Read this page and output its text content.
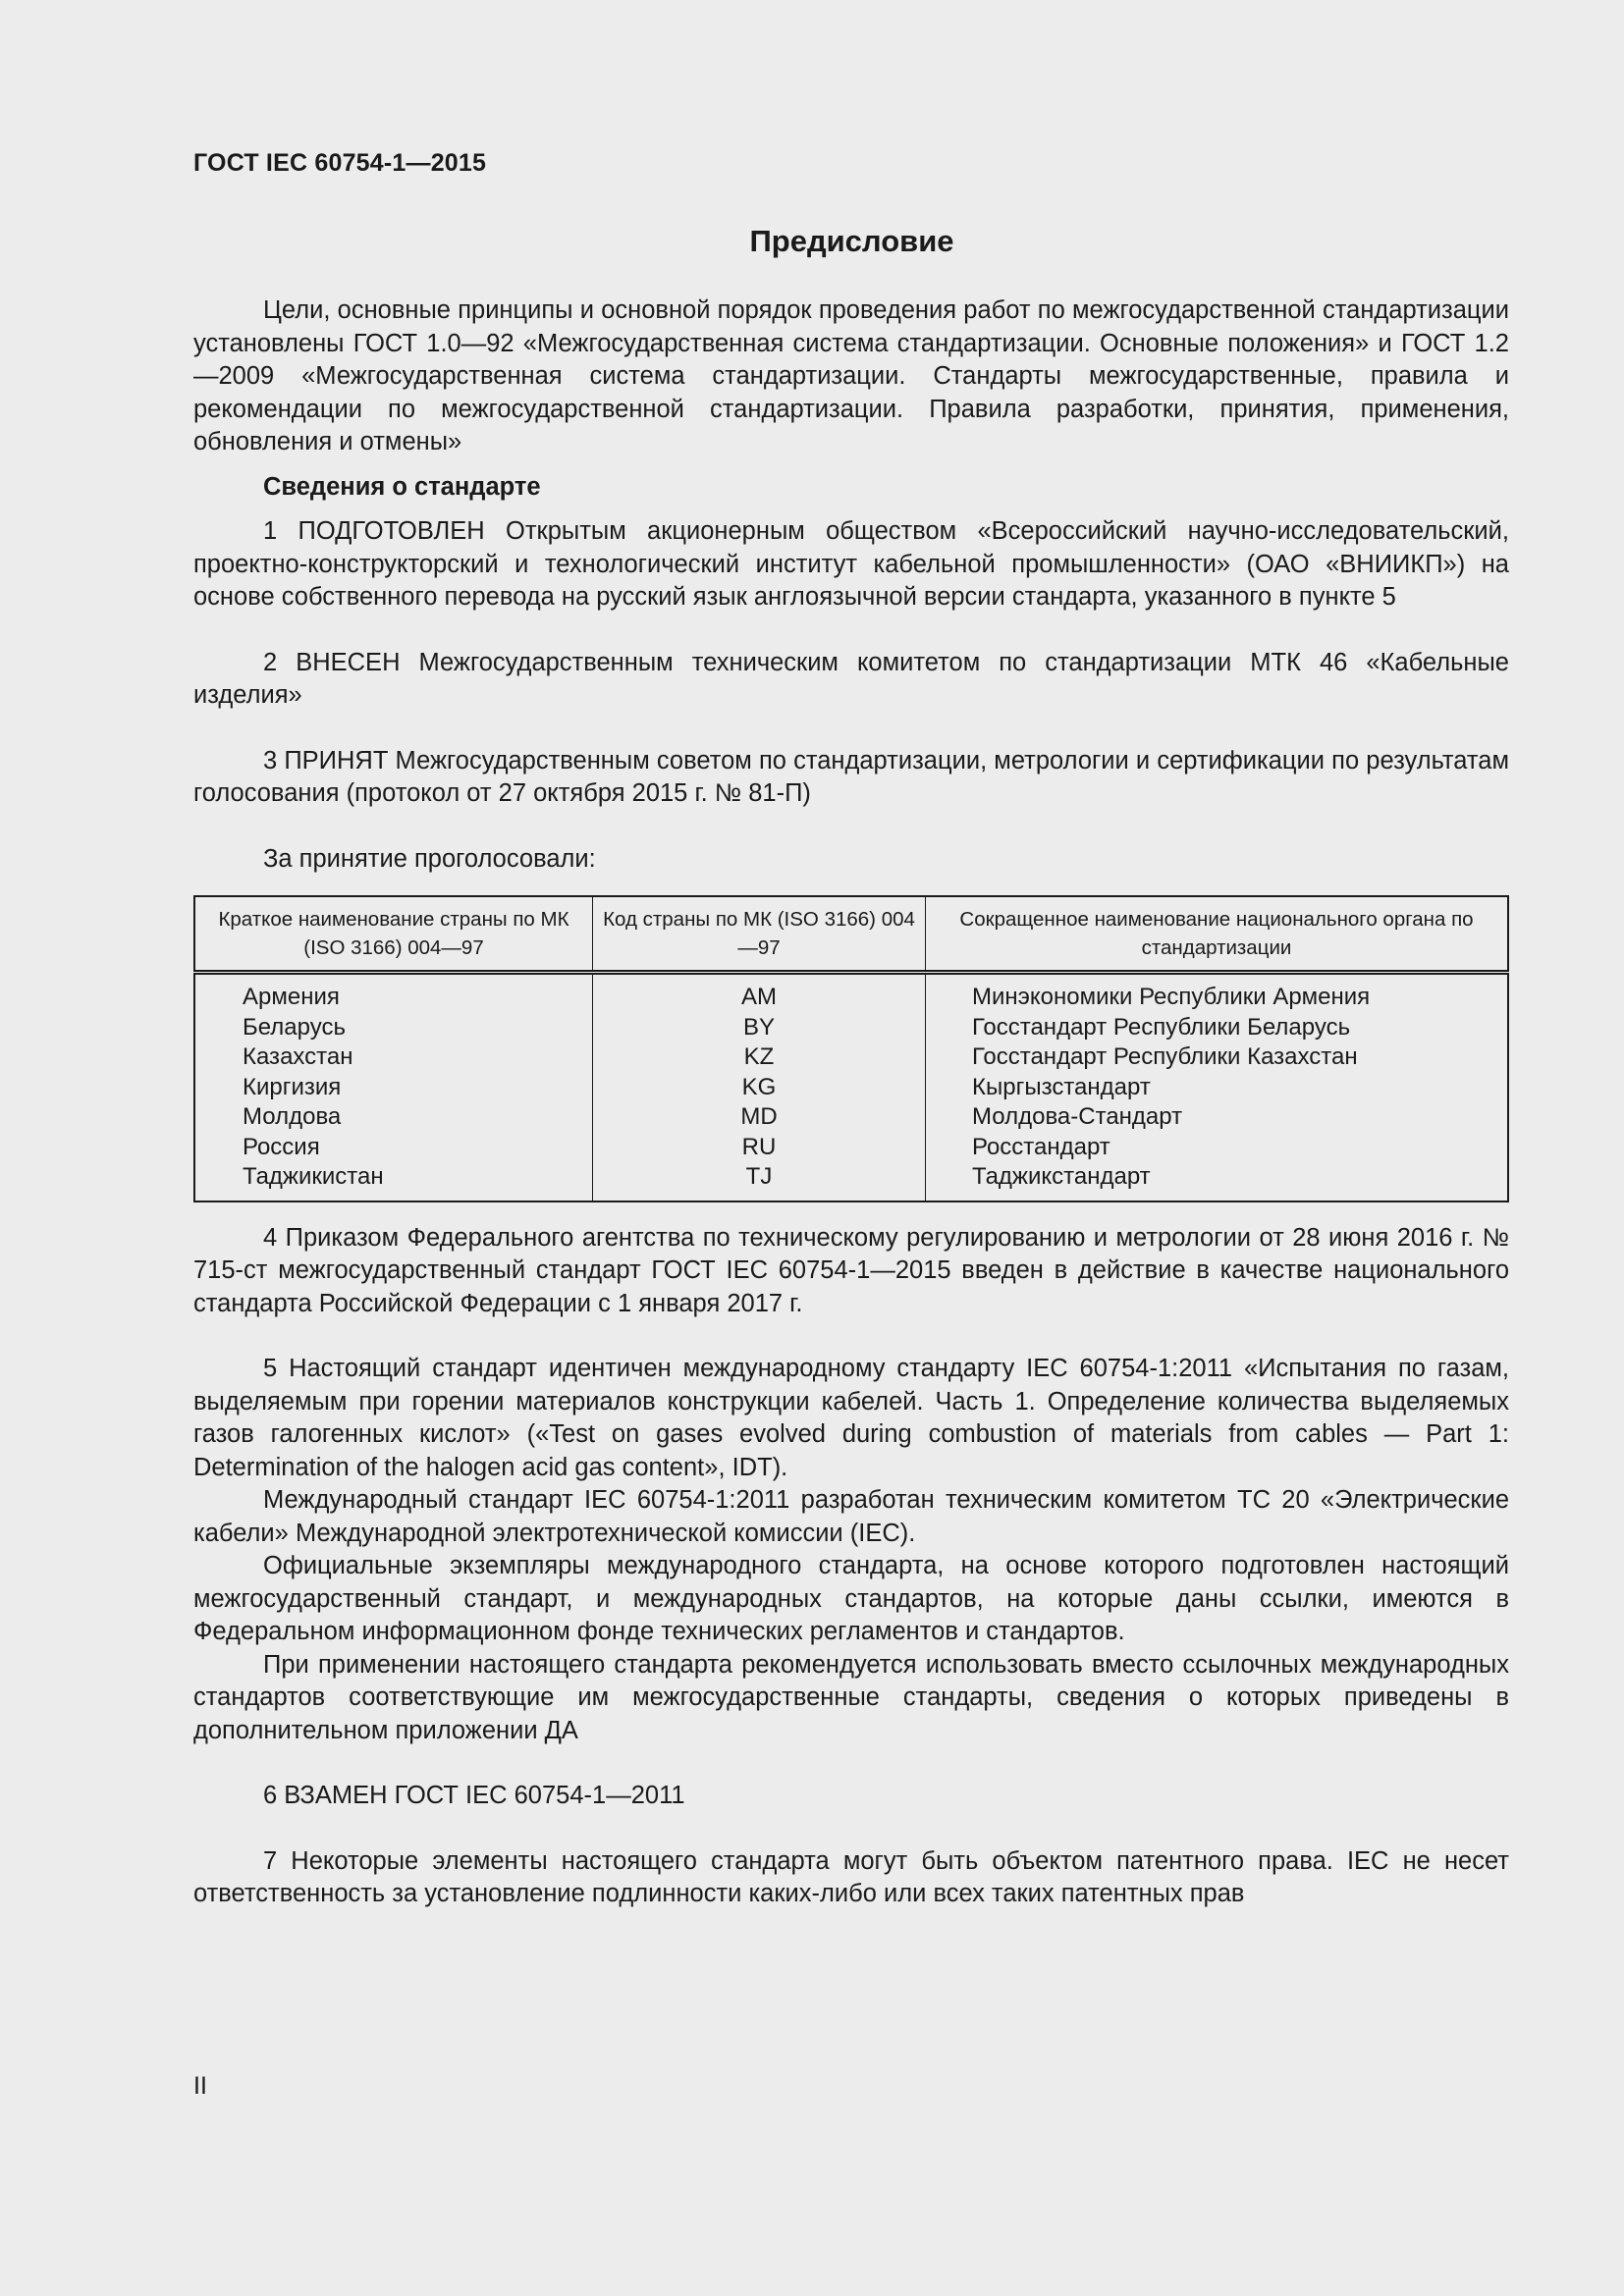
ГОСТ IEC 60754-1—2015
Предисловие

Цели, основные принципы и основной порядок проведения работ по межгосударственной стандартизации установлены ГОСТ 1.0—92 «Межгосударственная система стандартизации. Основные положения» и ГОСТ 1.2—2009 «Межгосударственная система стандартизации. Стандарты межгосударственные, правила и рекомендации по межгосударственной стандартизации. Правила разработки, принятия, применения, обновления и отмены»

Сведения о стандарте

1 ПОДГОТОВЛЕН Открытым акционерным обществом «Всероссийский научно-исследовательский, проектно-конструкторский и технологический институт кабельной промышленности» (ОАО «ВНИИКП») на основе собственного перевода на русский язык англоязычной версии стандарта, указанного в пункте 5

2 ВНЕСЕН Межгосударственным техническим комитетом по стандартизации МТК 46 «Кабельные изделия»

3 ПРИНЯТ Межгосударственным советом по стандартизации, метрологии и сертификации по результатам голосования (протокол от 27 октября 2015 г. № 81-П)

За принятие проголосовали:

Краткое наименование страны по МК (ISO 3166) 004—97	Код страны по МК (ISO 3166) 004—97	Сокращенное наименование национального органа по стандартизации
Армения	AM	Минэкономики Республики Армения
Беларусь	BY	Госстандарт Республики Беларусь
Казахстан	KZ	Госстандарт Республики Казахстан
Киргизия	KG	Кыргызстандарт
Молдова	MD	Молдова-Стандарт
Россия	RU	Росстандарт
Таджикистан	TJ	Таджикстандарт

4 Приказом Федерального агентства по техническому регулированию и метрологии от 28 июня 2016 г. № 715-ст межгосударственный стандарт ГОСТ IEC 60754-1—2015 введен в действие в качестве национального стандарта Российской Федерации с 1 января 2017 г.

5 Настоящий стандарт идентичен международному стандарту IEC 60754-1:2011 «Испытания по газам, выделяемым при горении материалов конструкции кабелей. Часть 1. Определение количества выделяемых газов галогенных кислот» («Test on gases evolved during combustion of materials from cables — Part 1: Determination of the halogen acid gas content», IDT).

Международный стандарт IEC 60754-1:2011 разработан техническим комитетом TC 20 «Электрические кабели» Международной электротехнической комиссии (IEC).

Официальные экземпляры международного стандарта, на основе которого подготовлен настоящий межгосударственный стандарт, и международных стандартов, на которые даны ссылки, имеются в Федеральном информационном фонде технических регламентов и стандартов.

При применении настоящего стандарта рекомендуется использовать вместо ссылочных международных стандартов соответствующие им межгосударственные стандарты, сведения о которых приведены в дополнительном приложении ДА

6 ВЗАМЕН ГОСТ IEC 60754-1—2011

7 Некоторые элементы настоящего стандарта могут быть объектом патентного права. IEC не несет ответственность за установление подлинности каких-либо или всех таких патентных прав

II
